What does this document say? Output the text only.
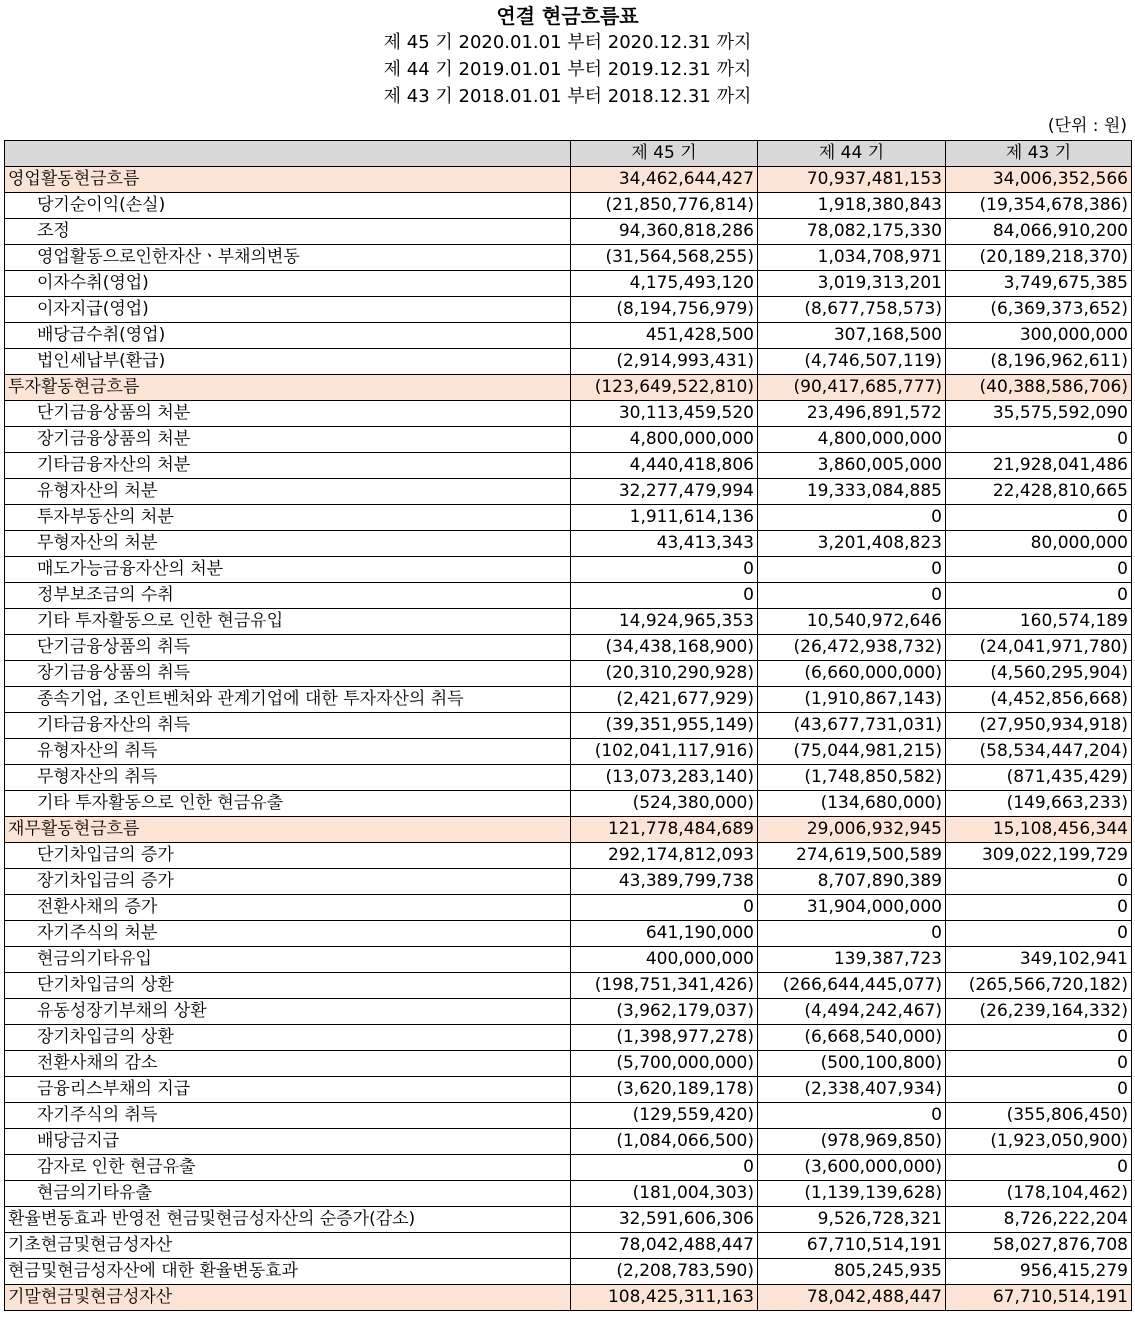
연결 현금흐름표
제 45 기 2020.01.01 부터 2020.12.31 까지
제 44 기 2019.01.01 부터 2019.12.31 까지
제 43 기 2018.01.01 부터 2018.12.31 까지
(단위 : 원)
	제 45 기	제 44 기	제 43 기
영업활동현금흐름	34,462,644,427	70,937,481,153	34,006,352,566
당기순이익(손실)	(21,850,776,814)	1,918,380,843	(19,354,678,386)
조정	94,360,818,286	78,082,175,330	84,066,910,200
영업활동으로인한자산ㆍ부채의변동	(31,564,568,255)	1,034,708,971	(20,189,218,370)
이자수취(영업)	4,175,493,120	3,019,313,201	3,749,675,385
이자지급(영업)	(8,194,756,979)	(8,677,758,573)	(6,369,373,652)
배당금수취(영업)	451,428,500	307,168,500	300,000,000
법인세납부(환급)	(2,914,993,431)	(4,746,507,119)	(8,196,962,611)
투자활동현금흐름	(123,649,522,810)	(90,417,685,777)	(40,388,586,706)
단기금융상품의 처분	30,113,459,520	23,496,891,572	35,575,592,090
장기금융상품의 처분	4,800,000,000	4,800,000,000	0
기타금융자산의 처분	4,440,418,806	3,860,005,000	21,928,041,486
유형자산의 처분	32,277,479,994	19,333,084,885	22,428,810,665
투자부동산의 처분	1,911,614,136	0	0
무형자산의 처분	43,413,343	3,201,408,823	80,000,000
매도가능금융자산의 처분	0	0	0
정부보조금의 수취	0	0	0
기타 투자활동으로 인한 현금유입	14,924,965,353	10,540,972,646	160,574,189
단기금융상품의 취득	(34,438,168,900)	(26,472,938,732)	(24,041,971,780)
장기금융상품의 취득	(20,310,290,928)	(6,660,000,000)	(4,560,295,904)
종속기업, 조인트벤처와 관계기업에 대한 투자자산의 취득	(2,421,677,929)	(1,910,867,143)	(4,452,856,668)
기타금융자산의 취득	(39,351,955,149)	(43,677,731,031)	(27,950,934,918)
유형자산의 취득	(102,041,117,916)	(75,044,981,215)	(58,534,447,204)
무형자산의 취득	(13,073,283,140)	(1,748,850,582)	(871,435,429)
기타 투자활동으로 인한 현금유출	(524,380,000)	(134,680,000)	(149,663,233)
재무활동현금흐름	121,778,484,689	29,006,932,945	15,108,456,344
단기차입금의 증가	292,174,812,093	274,619,500,589	309,022,199,729
장기차입금의 증가	43,389,799,738	8,707,890,389	0
전환사채의 증가	0	31,904,000,000	0
자기주식의 처분	641,190,000	0	0
현금의기타유입	400,000,000	139,387,723	349,102,941
단기차입금의 상환	(198,751,341,426)	(266,644,445,077)	(265,566,720,182)
유동성장기부채의 상환	(3,962,179,037)	(4,494,242,467)	(26,239,164,332)
장기차입금의 상환	(1,398,977,278)	(6,668,540,000)	0
전환사채의 감소	(5,700,000,000)	(500,100,800)	0
금융리스부채의 지급	(3,620,189,178)	(2,338,407,934)	0
자기주식의 취득	(129,559,420)	0	(355,806,450)
배당금지급	(1,084,066,500)	(978,969,850)	(1,923,050,900)
감자로 인한 현금유출	0	(3,600,000,000)	0
현금의기타유출	(181,004,303)	(1,139,139,628)	(178,104,462)
환율변동효과 반영전 현금및현금성자산의 순증가(감소)	32,591,606,306	9,526,728,321	8,726,222,204
기초현금및현금성자산	78,042,488,447	67,710,514,191	58,027,876,708
현금및현금성자산에 대한 환율변동효과	(2,208,783,590)	805,245,935	956,415,279
기말현금및현금성자산	108,425,311,163	78,042,488,447	67,710,514,191
